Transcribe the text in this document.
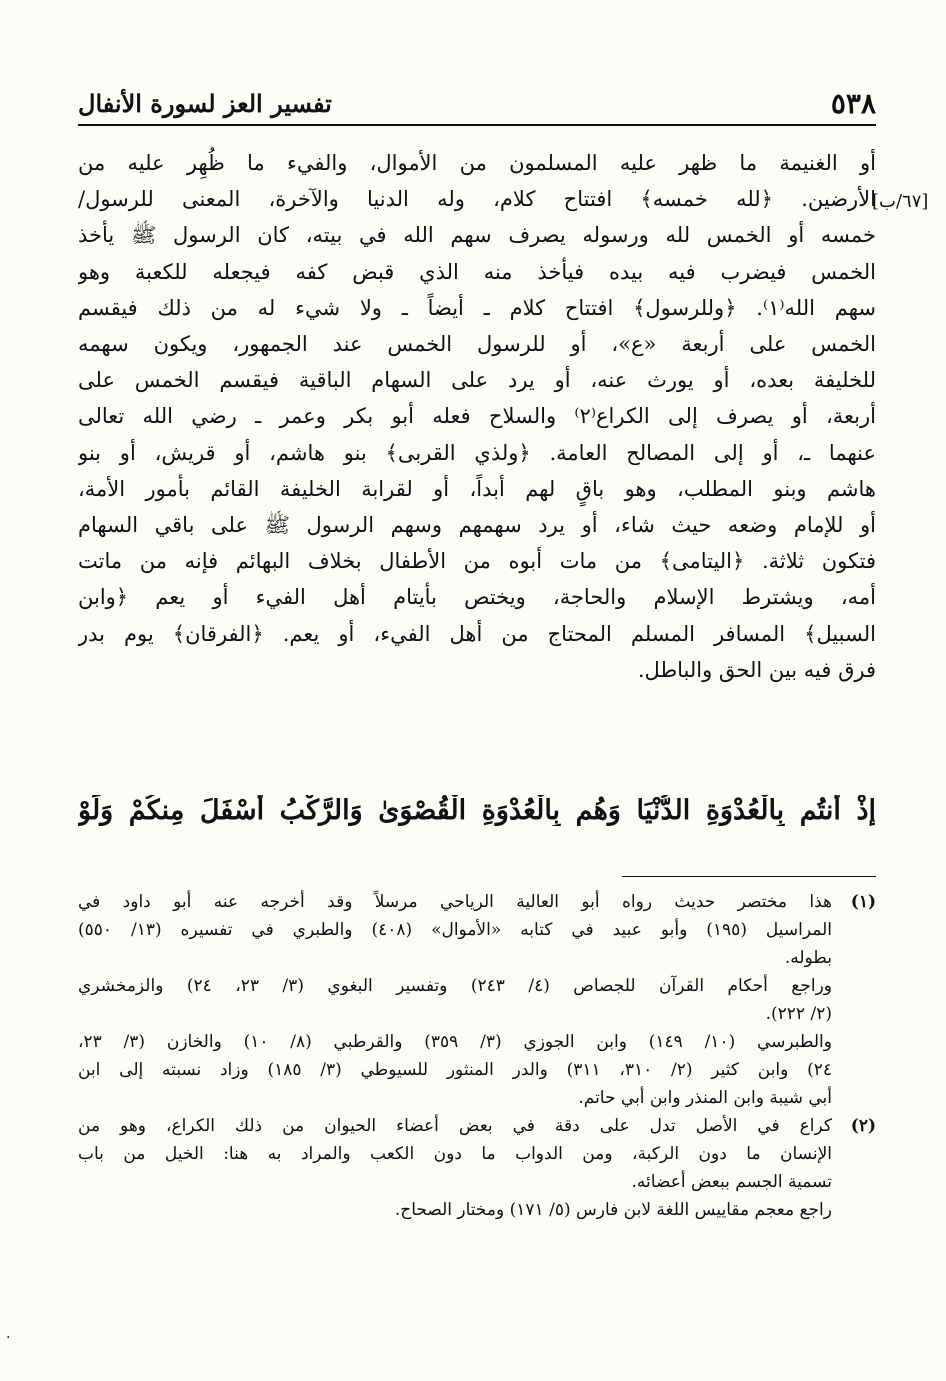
٥٣٨
تفسير العز لسورة الأنفال
[٦٧/ب]
أو الغنيمة ما ظهر عليه المسلمون من الأموال، والفيء ما ظُهِر عليه من
الأرضين. ﴿لله خمسه﴾ افتتاح كلام، وله الدنيا والآخرة، المعنى للرسول/
خمسه أو الخمس لله ورسوله يصرف سهم الله في بيته، كان الرسول ﷺ يأخذ
الخمس فيضرب فيه بيده فيأخذ منه الذي قبض كفه فيجعله للكعبة وهو
سهم الله⁽١⁾. ﴿وللرسول﴾ افتتاح كلام ـ أيضاً ـ ولا شيء له من ذلك فيقسم
الخمس على أربعة «ع»، أو للرسول الخمس عند الجمهور، ويكون سهمه
للخليفة بعده، أو يورث عنه، أو يرد على السهام الباقية فيقسم الخمس على
أربعة، أو يصرف إلى الكراع⁽٢⁾ والسلاح فعله أبو بكر وعمر ـ رضي الله تعالى
عنهما ـ، أو إلى المصالح العامة. ﴿ولذي القربى﴾ بنو هاشم، أو قريش، أو بنو
هاشم وبنو المطلب، وهو باقٍ لهم أبداً، أو لقرابة الخليفة القائم بأمور الأمة،
أو للإمام وضعه حيث شاء، أو يرد سهمهم وسهم الرسول ﷺ على باقي السهام
فتكون ثلاثة. ﴿اليتامى﴾ من مات أبوه من الأطفال بخلاف البهائم فإنه من ماتت
أمه، ويشترط الإسلام والحاجة، ويختص بأيتام أهل الفيء أو يعم ﴿وابن
السبيل﴾ المسافر المسلم المحتاج من أهل الفيء، أو يعم. ﴿الفرقان﴾ يوم بدر
فرق فيه بين الحق والباطل.
إِذْ أَنتُم بِالْعُدْوَةِ الدُّنْيَا وَهُم بِالْعُدْوَةِ الْقُصْوَىٰ وَالرَّكْبُ أَسْفَلَ مِنكُمْ وَلَوْ
(١)
هذا مختصر حديث رواه أبو العالية الرياحي مرسلاً وقد أخرجه عنه أبو داود في
المراسيل (١٩٥) وأبو عبيد في كتابه «الأموال» (٤٠٨) والطبري في تفسيره (١٣/ ٥٥٠)
بطوله.
وراجع أحكام القرآن للجصاص (٤/ ٢٤٣) وتفسير البغوي (٣/ ٢٣، ٢٤) والزمخشري
(٢/ ٢٢٢).
والطبرسي (١٠/ ١٤٩) وابن الجوزي (٣/ ٣٥٩) والقرطبي (٨/ ١٠) والخازن (٣/ ٢٣،
٢٤) وابن كثير (٢/ ٣١٠، ٣١١) والدر المنثور للسيوطي (٣/ ١٨٥) وزاد نسبته إلى ابن
أبي شيبة وابن المنذر وابن أبي حاتم.
(٢)
كراع في الأصل تدل على دقة في بعض أعضاء الحيوان من ذلك الكراع، وهو من
الإنسان ما دون الركبة، ومن الدواب ما دون الكعب والمراد به هنا: الخيل من باب
تسمية الجسم ببعض أعضائه.
راجع معجم مقاييس اللغة لابن فارس (٥/ ١٧١) ومختار الصحاح.
.
